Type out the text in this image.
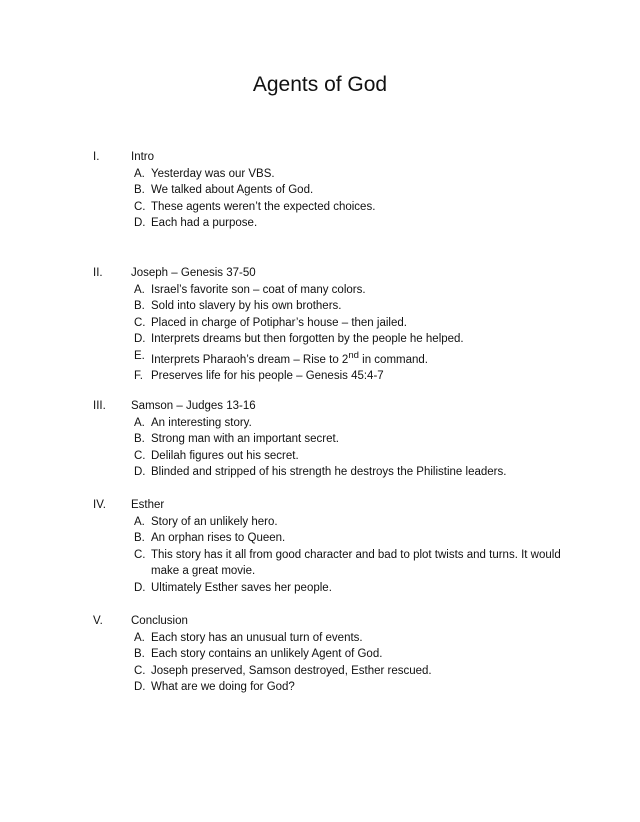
Agents of God
I.	Intro
A. Yesterday was our VBS.
B. We talked about Agents of God.
C. These agents weren’t the expected choices.
D. Each had a purpose.
II. Joseph – Genesis 37-50
A. Israel’s favorite son – coat of many colors.
B. Sold into slavery by his own brothers.
C. Placed in charge of Potiphar’s house – then jailed.
D. Interprets dreams but then forgotten by the people he helped.
E. Interprets Pharaoh’s dream – Rise to 2nd in command.
F. Preserves life for his people – Genesis 45:4-7
III. Samson – Judges 13-16
A. An interesting story.
B. Strong man with an important secret.
C. Delilah figures out his secret.
D. Blinded and stripped of his strength he destroys the Philistine leaders.
IV. Esther
A. Story of an unlikely hero.
B. An orphan rises to Queen.
C. This story has it all from good character and bad to plot twists and turns. It would make a great movie.
D. Ultimately Esther saves her people.
V. Conclusion
A. Each story has an unusual turn of events.
B. Each story contains an unlikely Agent of God.
C. Joseph preserved, Samson destroyed, Esther rescued.
D. What are we doing for God?
